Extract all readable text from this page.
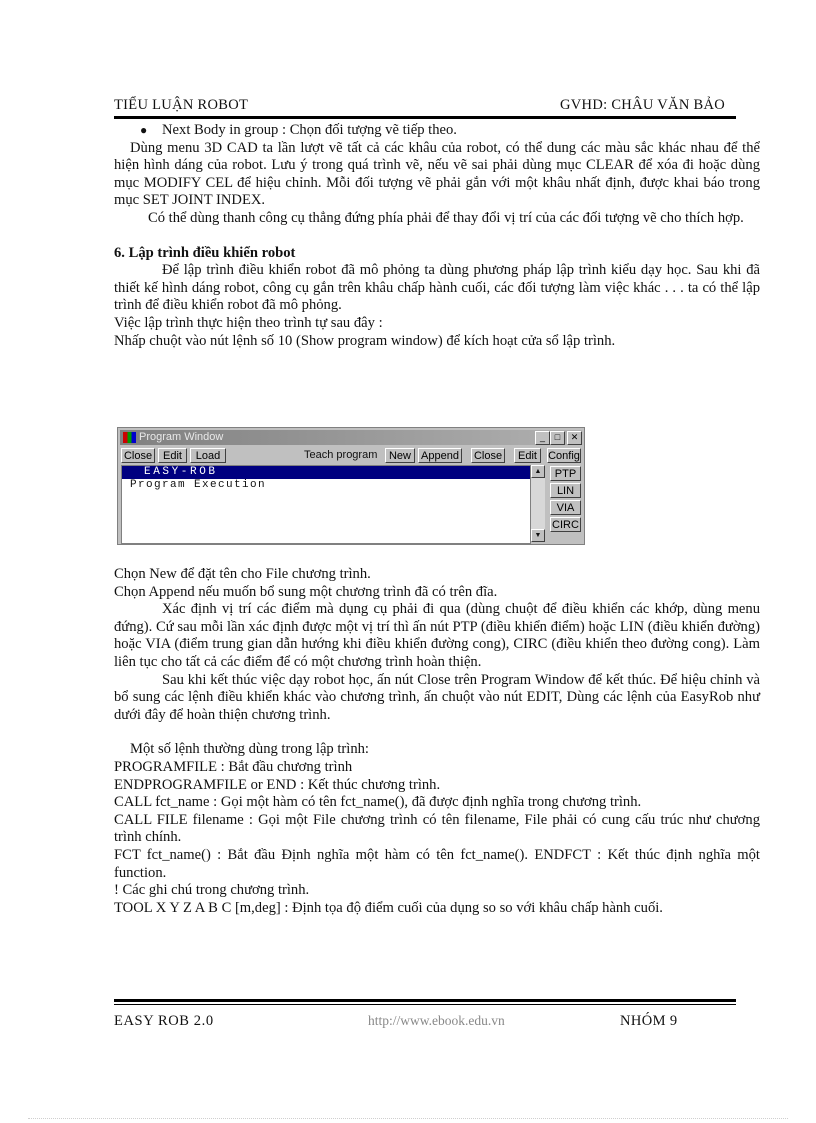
TIỂU LUẬN ROBOT	GVHD: CHÂU VĂN BẢO

● Next Body in group : Chọn đối tượng vẽ tiếp theo.

Dùng menu 3D CAD ta lần lượt vẽ tất cả các khâu của robot, có thể dung các màu sắc khác nhau để thể hiện hình dáng của robot. Lưu ý trong quá trình vẽ, nếu vẽ sai phải dùng mục CLEAR để xóa đi hoặc dùng mục MODIFY CEL để hiệu chỉnh. Mỗi đối tượng vẽ phải gắn với một khâu nhất định, được khai báo trong mục SET JOINT INDEX.

Có thể dùng thanh công cụ thẳng đứng phía phải để thay đổi vị trí của các đối tượng vẽ cho thích hợp.

6. Lập trình điều khiển robot

Để lập trình điều khiển robot đã mô phỏng ta dùng phương pháp lập trình kiểu dạy học. Sau khi đã thiết kế hình dáng robot, công cụ gắn trên khâu chấp hành cuối, các đối tượng làm việc khác . . . ta có thể lập trình để điều khiển robot đã mô phỏng.

Việc lập trình thực hiện theo trình tự sau đây :

Nhấp chuột vào nút lệnh số 10 (Show program window) để kích hoạt cửa sổ lập trình.

Program Window	_	□	✕
Close Edit	Load	Teach program	New Append Close	Edit	Config
EASY-ROB
Program Execution
▲
▼
PTP
LIN
VIA
CIRC

Chọn New để đặt tên cho File chương trình.

Chọn Append nếu muốn bổ sung một chương trình đã có trên đĩa.

Xác định vị trí các điểm mà dụng cụ phải đi qua (dùng chuột để điều khiển các khớp, dùng menu đứng). Cứ sau mỗi lần xác định được một vị trí thì ấn nút PTP (điều khiển điểm) hoặc LIN (điều khiển đường) hoặc VIA (điểm trung gian dẫn hướng khi điều khiển đường cong), CIRC (điều khiển theo đường cong). Làm liên tục cho tất cả các điểm để có một chương trình hoàn thiện.

Sau khi kết thúc việc dạy robot học, ấn nút Close trên Program Window để kết thúc. Để hiệu chỉnh và bổ sung các lệnh điều khiển khác vào chương trình, ấn chuột vào nút EDIT, Dùng các lệnh của EasyRob như dưới đây để hoàn thiện chương trình.

Một số lệnh thường dùng trong lập trình:

PROGRAMFILE : Bắt đầu chương trình

ENDPROGRAMFILE or END : Kết thúc chương trình.

CALL fct_name : Gọi một hàm có tên fct_name(), đã được định nghĩa trong chương trình.

CALL FILE filename : Gọi một File chương trình có tên filename, File phải có cung cấu trúc như chương trình chính.

FCT fct_name() : Bắt đầu Định nghĩa một hàm có tên fct_name(). ENDFCT : Kết thúc định nghĩa một function.

! Các ghi chú trong chương trình.

TOOL X Y Z A B C [m,deg] : Định tọa độ điểm cuối của dụng so so với khâu chấp hành cuối.

EASY ROB 2.0	http://www.ebook.edu.vn	NHÓM 9
